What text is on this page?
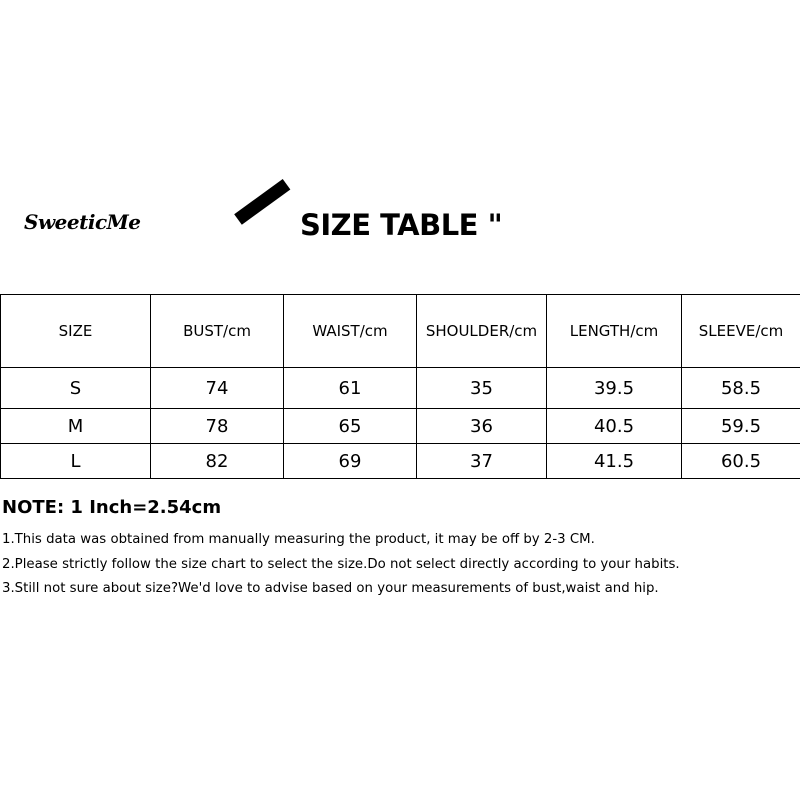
SweeticMe	SIZE TABLE "
SIZE	BUST/cm	WAIST/cm	SHOULDER/cm	LENGTH/cm	SLEEVE/cm
S	74	61	35	39.5	58.5
M	78	65	36	40.5	59.5
L	82	69	37	41.5	60.5
NOTE: 1 Inch=2.54cm
1.This data was obtained from manually measuring the product, it may be off by 2-3 CM.
2.Please strictly follow the size chart to select the size.Do not select directly according to your habits.
3.Still not sure about size?We'd love to advise based on your measurements of bust,waist and hip.
